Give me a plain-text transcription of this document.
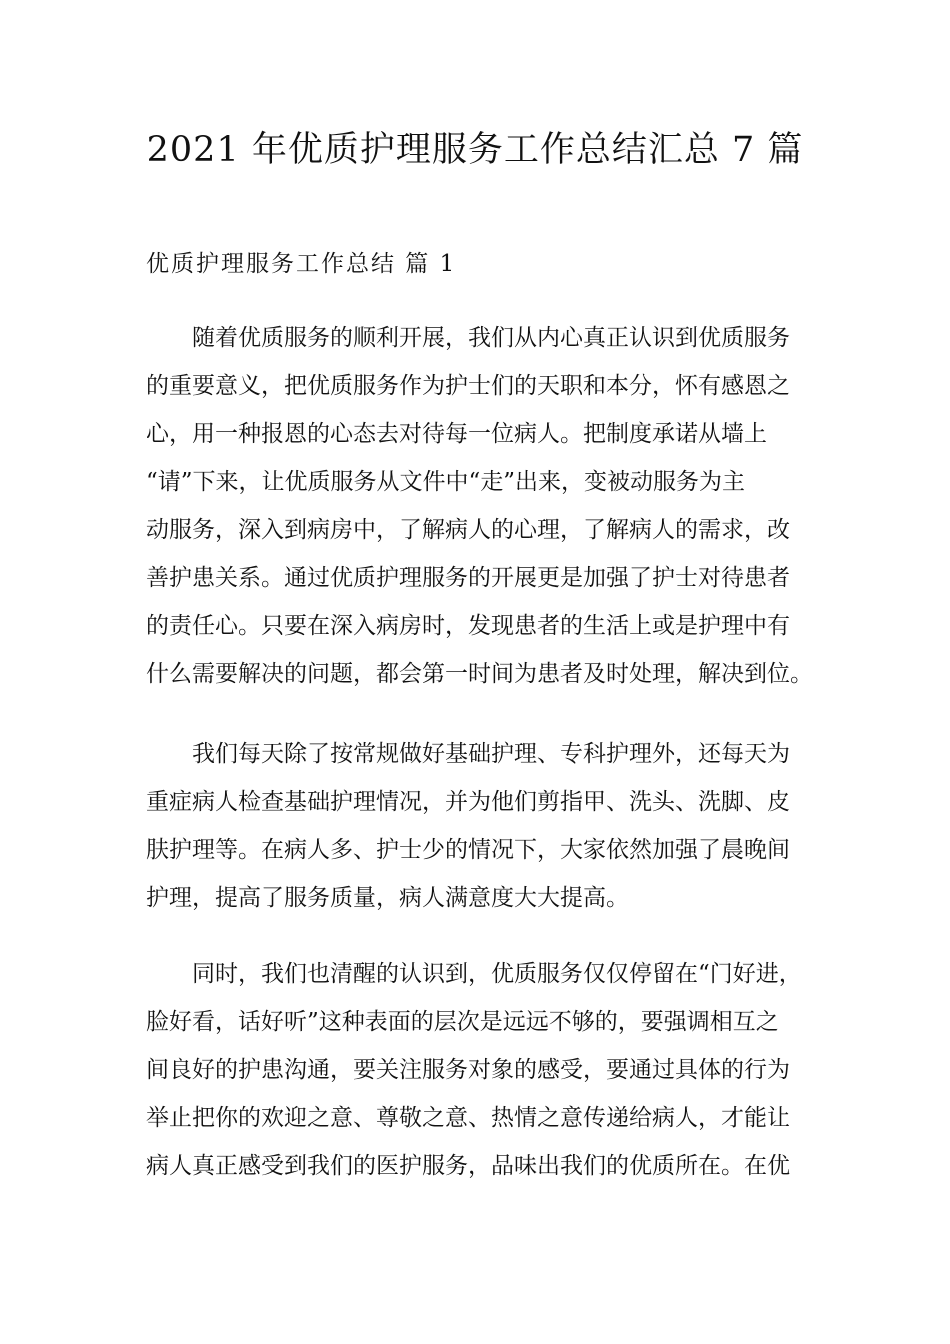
2021 年优质护理服务工作总结汇总 7 篇
优质护理服务工作总结 篇 1
随着优质服务的顺利开展，我们从内心真正认识到优质服务
的重要意义，把优质服务作为护士们的天职和本分，怀有感恩之
心，用一种报恩的心态去对待每一位病人。把制度承诺从墙上
“请”下来，让优质服务从文件中“走”出来，变被动服务为主
动服务，深入到病房中，了解病人的心理，了解病人的需求，改
善护患关系。通过优质护理服务的开展更是加强了护士对待患者
的责任心。只要在深入病房时，发现患者的生活上或是护理中有
什么需要解决的问题，都会第一时间为患者及时处理，解决到位。
我们每天除了按常规做好基础护理、专科护理外，还每天为
重症病人检查基础护理情况，并为他们剪指甲、洗头、洗脚、皮
肤护理等。在病人多、护士少的情况下，大家依然加强了晨晚间
护理，提高了服务质量，病人满意度大大提高。
同时，我们也清醒的认识到，优质服务仅仅停留在“门好进，
脸好看，话好听”这种表面的层次是远远不够的，要强调相互之
间良好的护患沟通，要关注服务对象的感受，要通过具体的行为
举止把你的欢迎之意、尊敬之意、热情之意传递给病人，才能让
病人真正感受到我们的医护服务，品味出我们的优质所在。在优
